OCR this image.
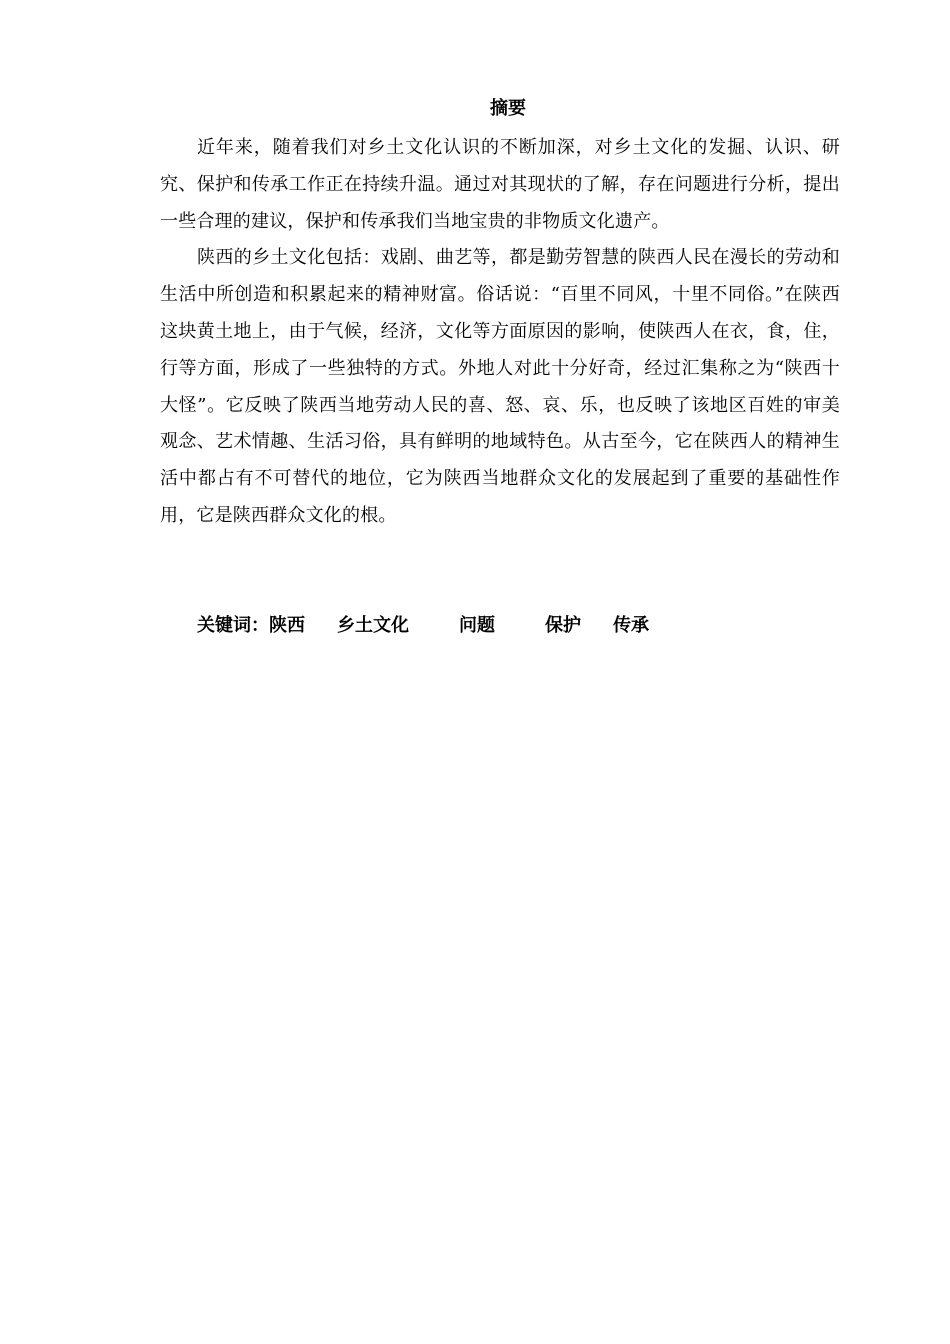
摘要

近年来，随着我们对乡土文化认识的不断加深，对乡土文化的发掘、认识、研究、保护和传承工作正在持续升温。通过对其现状的了解，存在问题进行分析，提出一些合理的建议，保护和传承我们当地宝贵的非物质文化遗产。

陕西的乡土文化包括：戏剧、曲艺等，都是勤劳智慧的陕西人民在漫长的劳动和生活中所创造和积累起来的精神财富。俗话说：“百里不同风，十里不同俗。”在陕西这块黄土地上，由于气候，经济，文化等方面原因的影响，使陕西人在衣，食，住，行等方面，形成了一些独特的方式。外地人对此十分好奇，经过汇集称之为“陕西十大怪”。它反映了陕西当地劳动人民的喜、怒、哀、乐，也反映了该地区百姓的审美观念、艺术情趣、生活习俗，具有鲜明的地域特色。从古至今，它在陕西人的精神生活中都占有不可替代的地位，它为陕西当地群众文化的发展起到了重要的基础性作用，它是陕西群众文化的根。

关键词：陕西 乡土文化	问题	保护 传承
